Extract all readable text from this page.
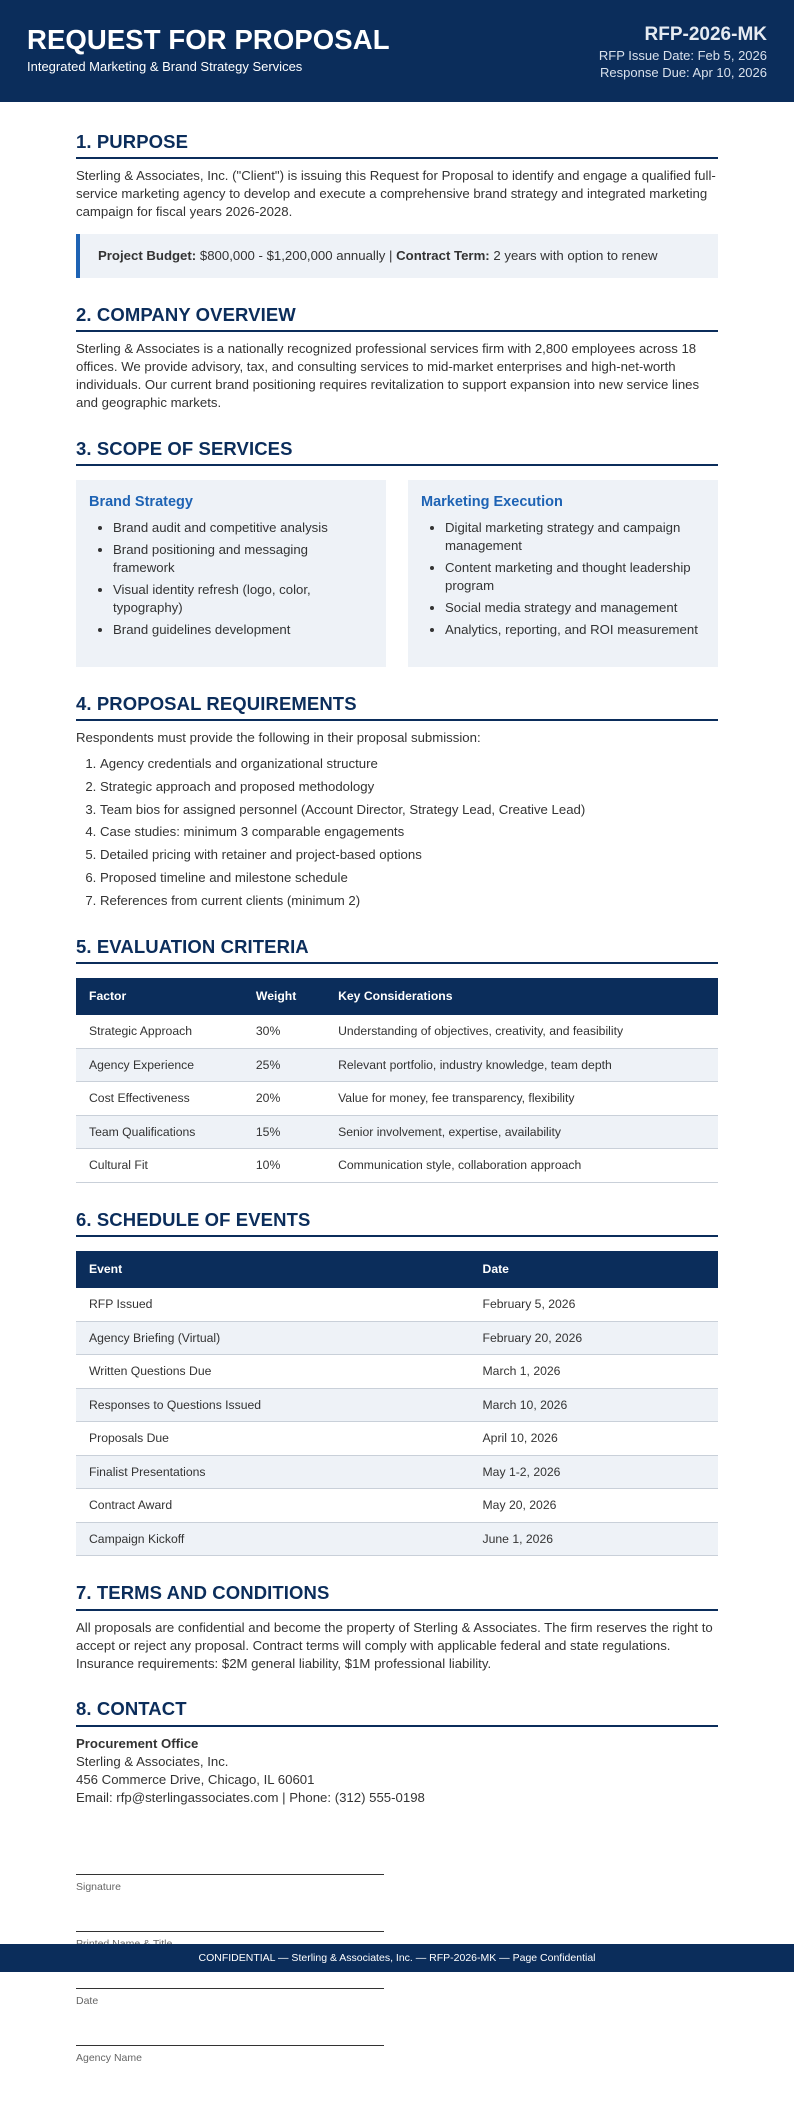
REQUEST FOR PROPOSAL
Integrated Marketing & Brand Strategy Services
RFP-2026-MK
RFP Issue Date: Feb 5, 2026
Response Due: Apr 10, 2026
1. PURPOSE

Sterling & Associates, Inc. ("Client") is issuing this Request for Proposal to identify and engage a qualified full-service marketing agency to develop and execute a comprehensive brand strategy and integrated marketing campaign for fiscal years 2026-2028.

Project Budget: $800,000 - $1,200,000 annually | Contract Term: 2 years with option to renew
2. COMPANY OVERVIEW

Sterling & Associates is a nationally recognized professional services firm with 2,800 employees across 18 offices. We provide advisory, tax, and consulting services to mid-market enterprises and high-net-worth individuals. Our current brand positioning requires revitalization to support expansion into new service lines and geographic markets.

3. SCOPE OF SERVICES
Brand Strategy
• Brand audit and competitive analysis
• Brand positioning and messaging framework
• Visual identity refresh (logo, color, typography)
• Brand guidelines development
Marketing Execution
• Digital marketing strategy and campaign management
• Content marketing and thought leadership program
• Social media strategy and management
• Analytics, reporting, and ROI measurement
4. PROPOSAL REQUIREMENTS

Respondents must provide the following in their proposal submission:

1. Agency credentials and organizational structure
2. Strategic approach and proposed methodology
3. Team bios for assigned personnel (Account Director, Strategy Lead, Creative Lead)
4. Case studies: minimum 3 comparable engagements
5. Detailed pricing with retainer and project-based options
6. Proposed timeline and milestone schedule
7. References from current clients (minimum 2)
5. EVALUATION CRITERIA
Factor	Weight	Key Considerations
Strategic Approach	30%	Understanding of objectives, creativity, and feasibility
Agency Experience	25%	Relevant portfolio, industry knowledge, team depth
Cost Effectiveness	20%	Value for money, fee transparency, flexibility
Team Qualifications	15%	Senior involvement, expertise, availability
Cultural Fit	10%	Communication style, collaboration approach
6. SCHEDULE OF EVENTS
Event	Date
RFP Issued	February 5, 2026
Agency Briefing (Virtual)	February 20, 2026
Written Questions Due	March 1, 2026
Responses to Questions Issued	March 10, 2026
Proposals Due	April 10, 2026
Finalist Presentations	May 1-2, 2026
Contract Award	May 20, 2026
Campaign Kickoff	June 1, 2026
7. TERMS AND CONDITIONS

All proposals are confidential and become the property of Sterling & Associates. The firm reserves the right to accept or reject any proposal. Contract terms will comply with applicable federal and state regulations. Insurance requirements: $2M general liability, $1M professional liability.

8. CONTACT
Procurement Office
Sterling & Associates, Inc.
456 Commerce Drive, Chicago, IL 60601
Email: rfp@sterlingassociates.com | Phone: (312) 555-0198
Signature
Date
Agency Name
CONFIDENTIAL — Sterling & Associates, Inc. — RFP-2026-MK — Page Confidential
